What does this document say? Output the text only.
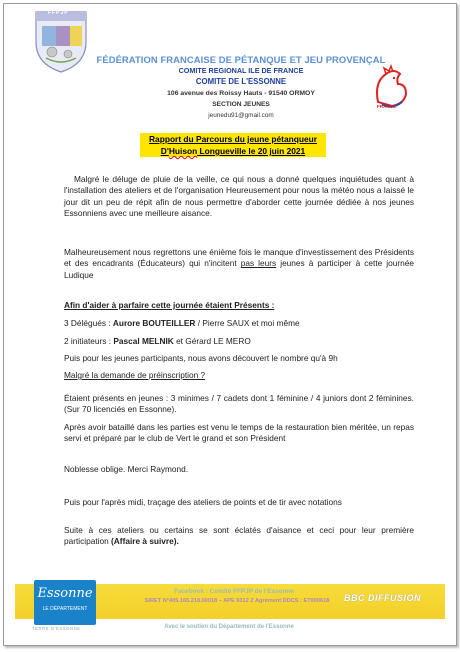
FFPJP
FÉDÉRATION FRANCAISE DE PÉTANQUE ET JEU PROVENÇAL
COMITE REGIONAL ILE DE FRANCE
COMITE DE L'ESSONNE
106 avenue des Roissy Hauts - 91540 ORMOY
SECTION JEUNES
jeunedu91@gmail.com
FRANCE
Rapport du Parcours du jeune pétanqueur
D'Huison Longueville le 20 juin 2021
Malgré le déluge de pluie de la veille, ce qui nous a donné quelques inquiétudes quant à l'installation des ateliers et de l'organisation Heureusement pour nous la météo nous a laissé le jour dit un peu de répit afin de nous permettre d'aborder cette journée dédiée à nos jeunes Essonniens avec une meilleure aisance.
Malheureusement nous regrettons une énième fois le manque d'investissement des Présidents et des encadrants (Éducateurs) qui n'incitent pas leurs jeunes à participer à cette journée Ludique
Afin d'aider à parfaire cette journée étaient Présents :
3 Délégués : Aurore BOUTEILLER / Pierre SAUX et moi même
2 initiateurs : Pascal MELNIK et Gérard LE MERO
Puis pour les jeunes participants, nous avons découvert le nombre qu'à 9h
Malgré la demande de préinscription ?
Étaient présents en jeunes : 3 minimes / 7 cadets dont 1 féminine / 4 juniors dont 2 féminines. (Sur 70 licenciés en Essonne).
Après avoir bataillé dans les parties est venu le temps de la restauration bien méritée, un repas servi et préparé par le club de Vert le grand et son Président
Noblesse oblige. Merci Raymond.
Puis pour l'après midi, traçage des ateliers de points et de tir avec notations
Suite à ces ateliers ou certains se sont éclatés d'aisance et ceci pour leur première participation (Affaire à suivre).
Essonne
LE DÉPARTEMENT
TERRE D'ESSONNE
Facebook : Comité FFPJP de l'Essonne
SIRET N°405.165.218.00018 – APE 9312 Z Agrément DDCS : ET000618	BBC DIFFUSION
Avec le soutien du Département de l'Essonne
